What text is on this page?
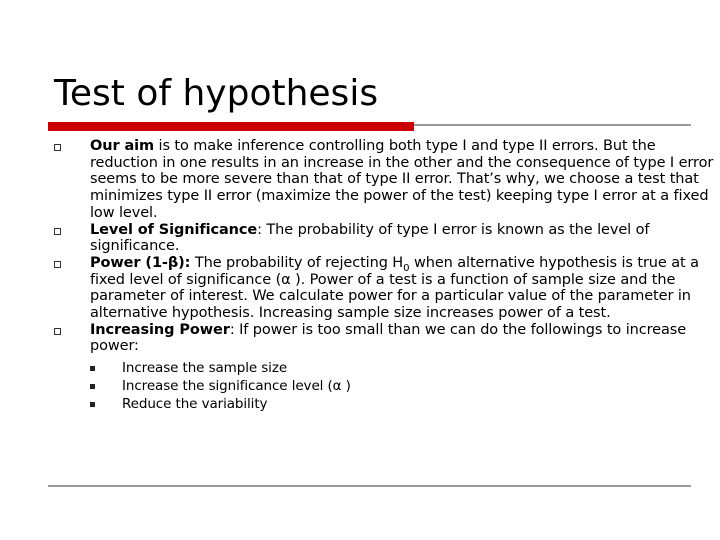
Test of hypothesis
Our aim is to make inference controlling both type I and type II errors. But the reduction in one results in an increase in the other and the consequence of type I error seems to be more severe than that of type II error. That’s why, we choose a test that minimizes type II error (maximize the power of the test) keeping type I error at a fixed low level.
Level of Significance: The probability of type I error is known as the level of significance.
Power (1-β): The probability of rejecting $H_0$ when alternative hypothesis is true at a fixed level of significance (α ). Power of a test is a function of sample size and the parameter of interest. We calculate power for a particular value of the parameter in alternative hypothesis. Increasing sample size increases power of a test.
Increasing Power: If power is too small than we can do the followings to increase power:
Increase the sample size
Increase the significance level (α )
Reduce the variability
